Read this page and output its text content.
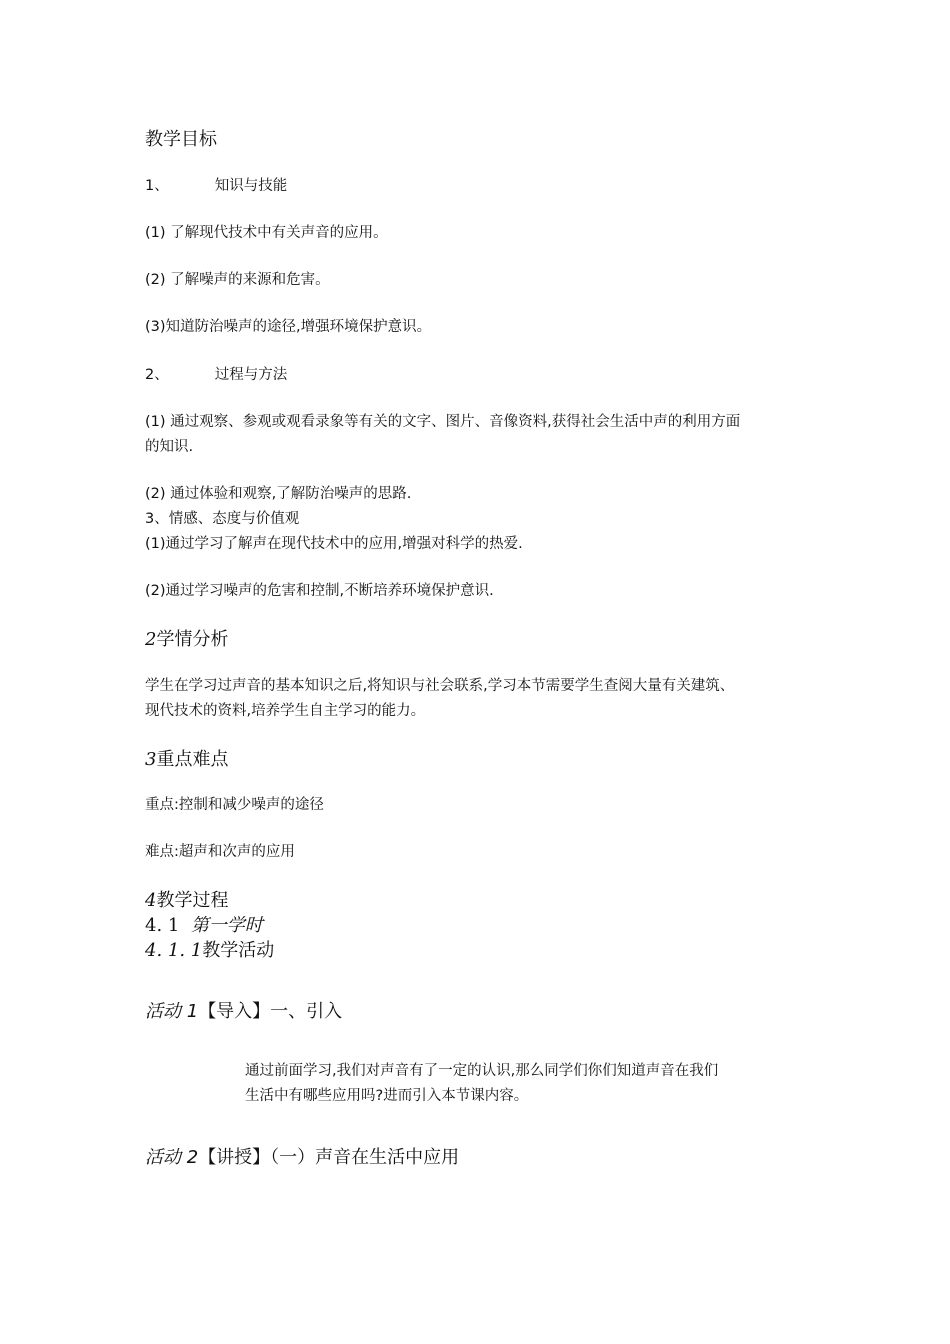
教学目标

1、	知识与技能

(1) 了解现代技术中有关声音的应用。

(2) 了解噪声的来源和危害。

(3)知道防治噪声的途径,增强环境保护意识。

2、	过程与方法

(1) 通过观察、参观或观看录象等有关的文字、图片、音像资料,获得社会生活中声的利用方面

的知识.

(2) 通过体验和观察,了解防治噪声的思路.

3、情感、态度与价值观

(1)通过学习了解声在现代技术中的应用,增强对科学的热爱.

(2)通过学习噪声的危害和控制,不断培养环境保护意识.

2学情分析

学生在学习过声音的基本知识之后,将知识与社会联系,学习本节需要学生查阅大量有关建筑、

现代技术的资料,培养学生自主学习的能力。

3重点难点

重点:控制和减少噪声的途径

难点:超声和次声的应用

4教学过程

4. 1 第一学时

4. 1. 1教学活动

活动 1【导入】一、引入

通过前面学习,我们对声音有了一定的认识,那么同学们你们知道声音在我们

生活中有哪些应用吗?进而引入本节课内容。

活动 2【讲授】（一）声音在生活中应用
